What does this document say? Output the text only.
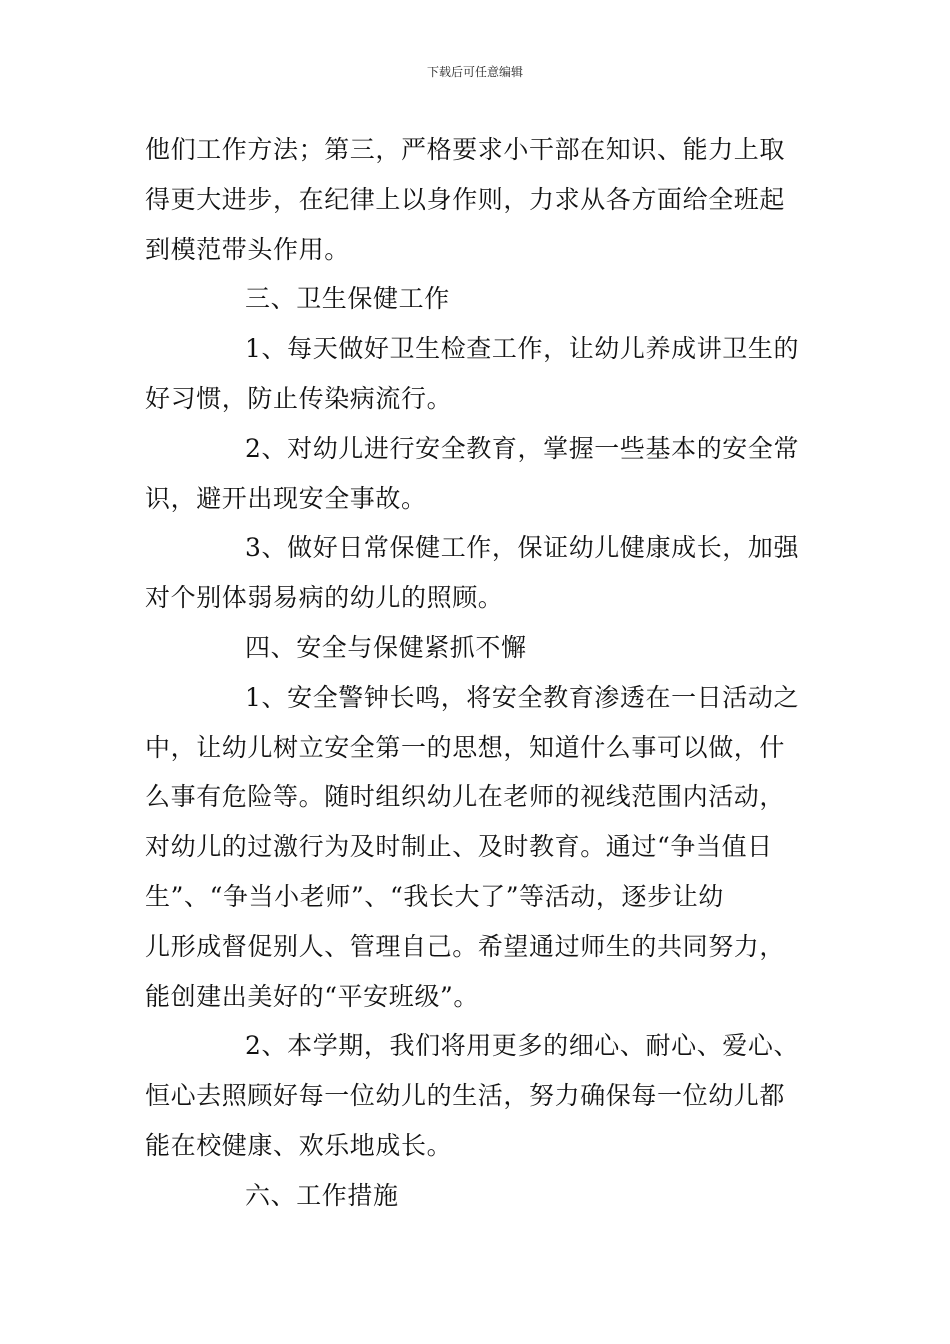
下载后可任意编辑

他们工作方法；第三，严格要求小干部在知识、能力上取
得更大进步，在纪律上以身作则，力求从各方面给全班起
到模范带头作用。

三、卫生保健工作

1、每天做好卫生检查工作，让幼儿养成讲卫生的
好习惯，防止传染病流行。

2、对幼儿进行安全教育，掌握一些基本的安全常
识，避开出现安全事故。

3、做好日常保健工作，保证幼儿健康成长，加强
对个别体弱易病的幼儿的照顾。

四、安全与保健紧抓不懈

1、安全警钟长鸣，将安全教育渗透在一日活动之
中，让幼儿树立安全第一的思想，知道什么事可以做，什
么事有危险等。随时组织幼儿在老师的视线范围内活动，
对幼儿的过激行为及时制止、及时教育。通过“争当值日
生”、“争当小老师”、“我长大了”等活动，逐步让幼
儿形成督促别人、管理自己。希望通过师生的共同努力，
能创建出美好的“平安班级”。

2、本学期，我们将用更多的细心、耐心、爱心、
恒心去照顾好每一位幼儿的生活，努力确保每一位幼儿都
能在校健康、欢乐地成长。

六、工作措施
